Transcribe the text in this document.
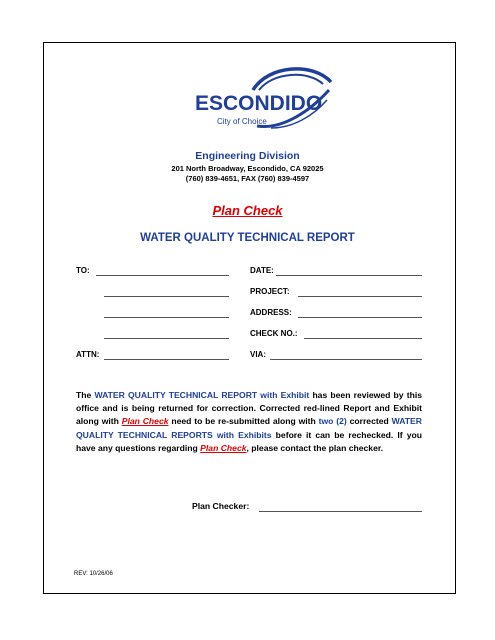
ESCONDIDO
City of Choice
Engineering Division
201 North Broadway, Escondido, CA 92025
(760) 839-4651, FAX (760) 839-4597
Plan Check
WATER QUALITY TECHNICAL REPORT
TO:	DATE:
PROJECT:
ADDRESS:
CHECK NO.:
ATTN:	VIA:
The WATER QUALITY TECHNICAL REPORT with Exhibit has been reviewed by this office and is being returned for correction. Corrected red-lined Report and Exhibit along with Plan Check need to be re-submitted along with two (2) corrected WATER QUALITY TECHNICAL REPORTS with Exhibits before it can be rechecked. If you have any questions regarding Plan Check, please contact the plan checker.
Plan Checker:
REV: 10/26/06
